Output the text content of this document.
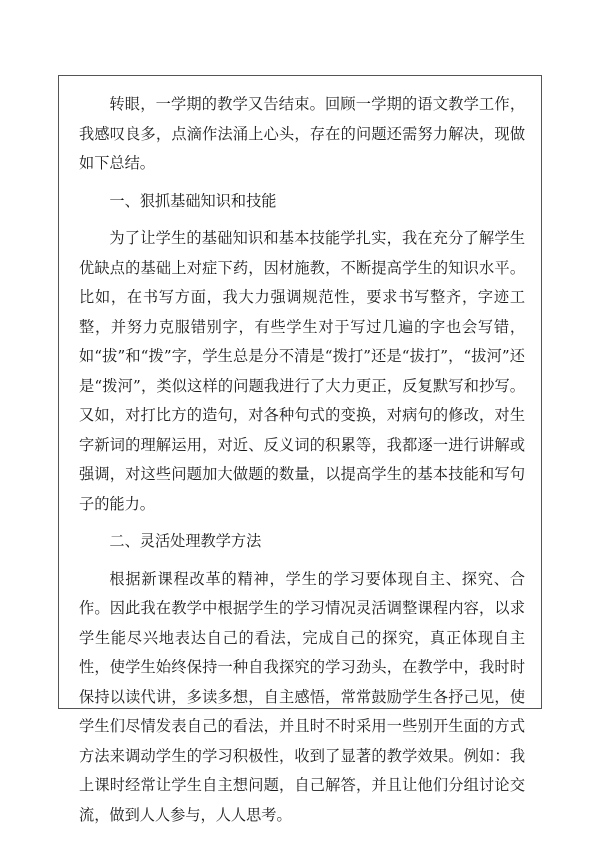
转眼，一学期的教学又告结束。回顾一学期的语文教学工作，我感叹良多，点滴作法涌上心头，存在的问题还需努力解决，现做如下总结。

一、狠抓基础知识和技能

为了让学生的基础知识和基本技能学扎实，我在充分了解学生优缺点的基础上对症下药，因材施教，不断提高学生的知识水平。比如，在书写方面，我大力强调规范性，要求书写整齐，字迹工整，并努力克服错别字，有些学生对于写过几遍的字也会写错，如“拔”和“拨”字，学生总是分不清是“拨打”还是“拔打”，“拔河”还是“拨河”，类似这样的问题我进行了大力更正，反复默写和抄写。又如，对打比方的造句，对各种句式的变换，对病句的修改，对生字新词的理解运用，对近、反义词的积累等，我都逐一进行讲解或强调，对这些问题加大做题的数量，以提高学生的基本技能和写句子的能力。

二、灵活处理教学方法

根据新课程改革的精神，学生的学习要体现自主、探究、合作。因此我在教学中根据学生的学习情况灵活调整课程内容，以求学生能尽兴地表达自己的看法，完成自己的探究，真正体现自主性，使学生始终保持一种自我探究的学习劲头，在教学中，我时时保持以读代讲，多读多想，自主感悟，常常鼓励学生各抒己见，使学生们尽情发表自己的看法，并且时不时采用一些别开生面的方式方法来调动学生的学习积极性，收到了显著的教学效果。例如：我上课时经常让学生自主想问题，自己解答，并且让他们分组讨论交流，做到人人参与，人人思考。
